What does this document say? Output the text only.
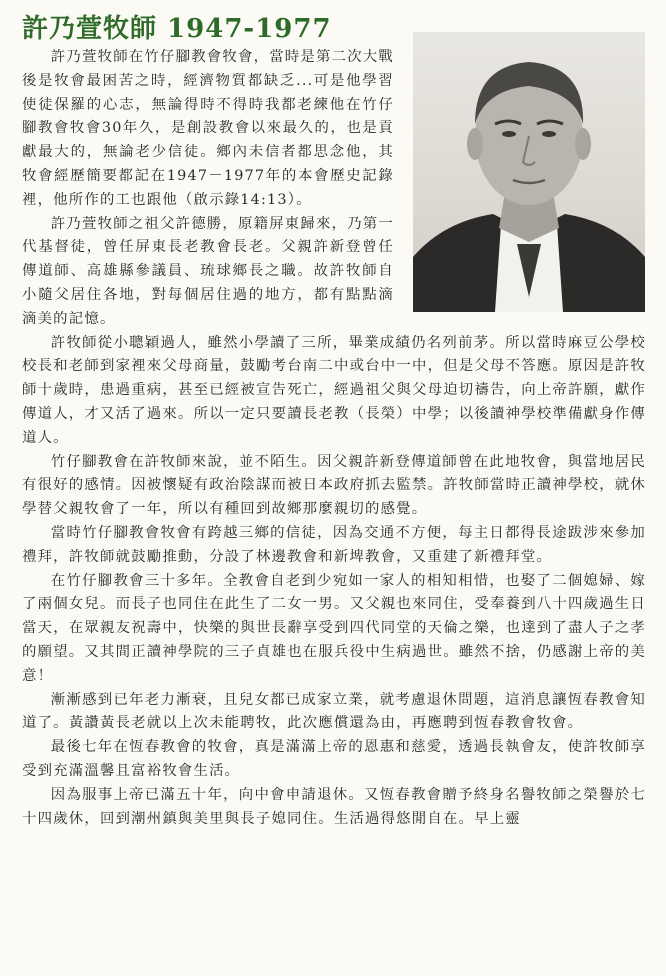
許乃萱牧師 1947-1977

許乃萱牧師在竹仔腳教會牧會，當時是第二次大戰後是牧會最困苦之時，經濟物質都缺乏...可是他學習使徒保羅的心志，無論得時不得時我都老練他在竹仔腳教會牧會30年久，是創設教會以來最久的，也是貢獻最大的，無論老少信徒。鄉內未信者都思念他，其牧會經歷簡要都記在1947－1977年的本會歷史記錄裡，他所作的工也跟他（啟示錄14:13）。

許乃萱牧師之祖父許德勝，原籍屏東歸來，乃第一代基督徒，曾任屏東長老教會長老。父親許新登曾任傳道師、高雄縣參議員、琉球鄉長之職。故許牧師自小隨父居住各地，對每個居住過的地方，都有點點滴滴美的記憶。

許牧師從小聰穎過人，雖然小學讀了三所，畢業成績仍名列前茅。所以當時麻豆公學校校長和老師到家裡來父母商量，鼓勵考台南二中或台中一中，但是父母不答應。原因是許牧師十歲時，患過重病，甚至已經被宣告死亡，經過祖父與父母迫切禱告，向上帝許願，獻作傳道人，才又活了過來。所以一定只要讀長老教（長榮）中學；以後讀神學校準備獻身作傳道人。

竹仔腳教會在許牧師來說，並不陌生。因父親許新登傳道師曾在此地牧會，與當地居民有很好的感情。因被懷疑有政治陰謀而被日本政府抓去監禁。許牧師當時正讀神學校，就休學替父親牧會了一年，所以有種回到故鄉那麼親切的感覺。

當時竹仔腳教會牧會有跨越三鄉的信徒，因為交通不方便，每主日都得長途跋涉來參加禮拜，許牧師就鼓勵推動，分設了林邊教會和新埤教會，又重建了新禮拜堂。

在竹仔腳教會三十多年。全教會自老到少宛如一家人的相知相惜，也娶了二個媳婦、嫁了兩個女兒。而長子也同住在此生了二女一男。又父親也來同住，受奉養到八十四歲過生日當天，在眾親友祝壽中，快樂的與世長辭享受到四代同堂的天倫之樂，也達到了盡人子之孝的願望。又其間正讀神學院的三子貞雄也在服兵役中生病過世。雖然不捨，仍感謝上帝的美意！

漸漸感到已年老力漸衰，且兒女都已成家立業，就考慮退休問題，這消息讓恆春教會知道了。黃讚黃長老就以上次未能聘牧，此次應償還為由，再應聘到恆春教會牧會。

最後七年在恆春教會的牧會，真是滿滿上帝的恩惠和慈愛，透過長執會友，使許牧師享受到充滿溫馨且富裕牧會生活。

因為服事上帝已滿五十年，向中會申請退休。又恆春教會贈予終身名譽牧師之榮譽於七十四歲休，回到潮州鎮與美里與長子媳同住。生活過得悠閒自在。早上靈
